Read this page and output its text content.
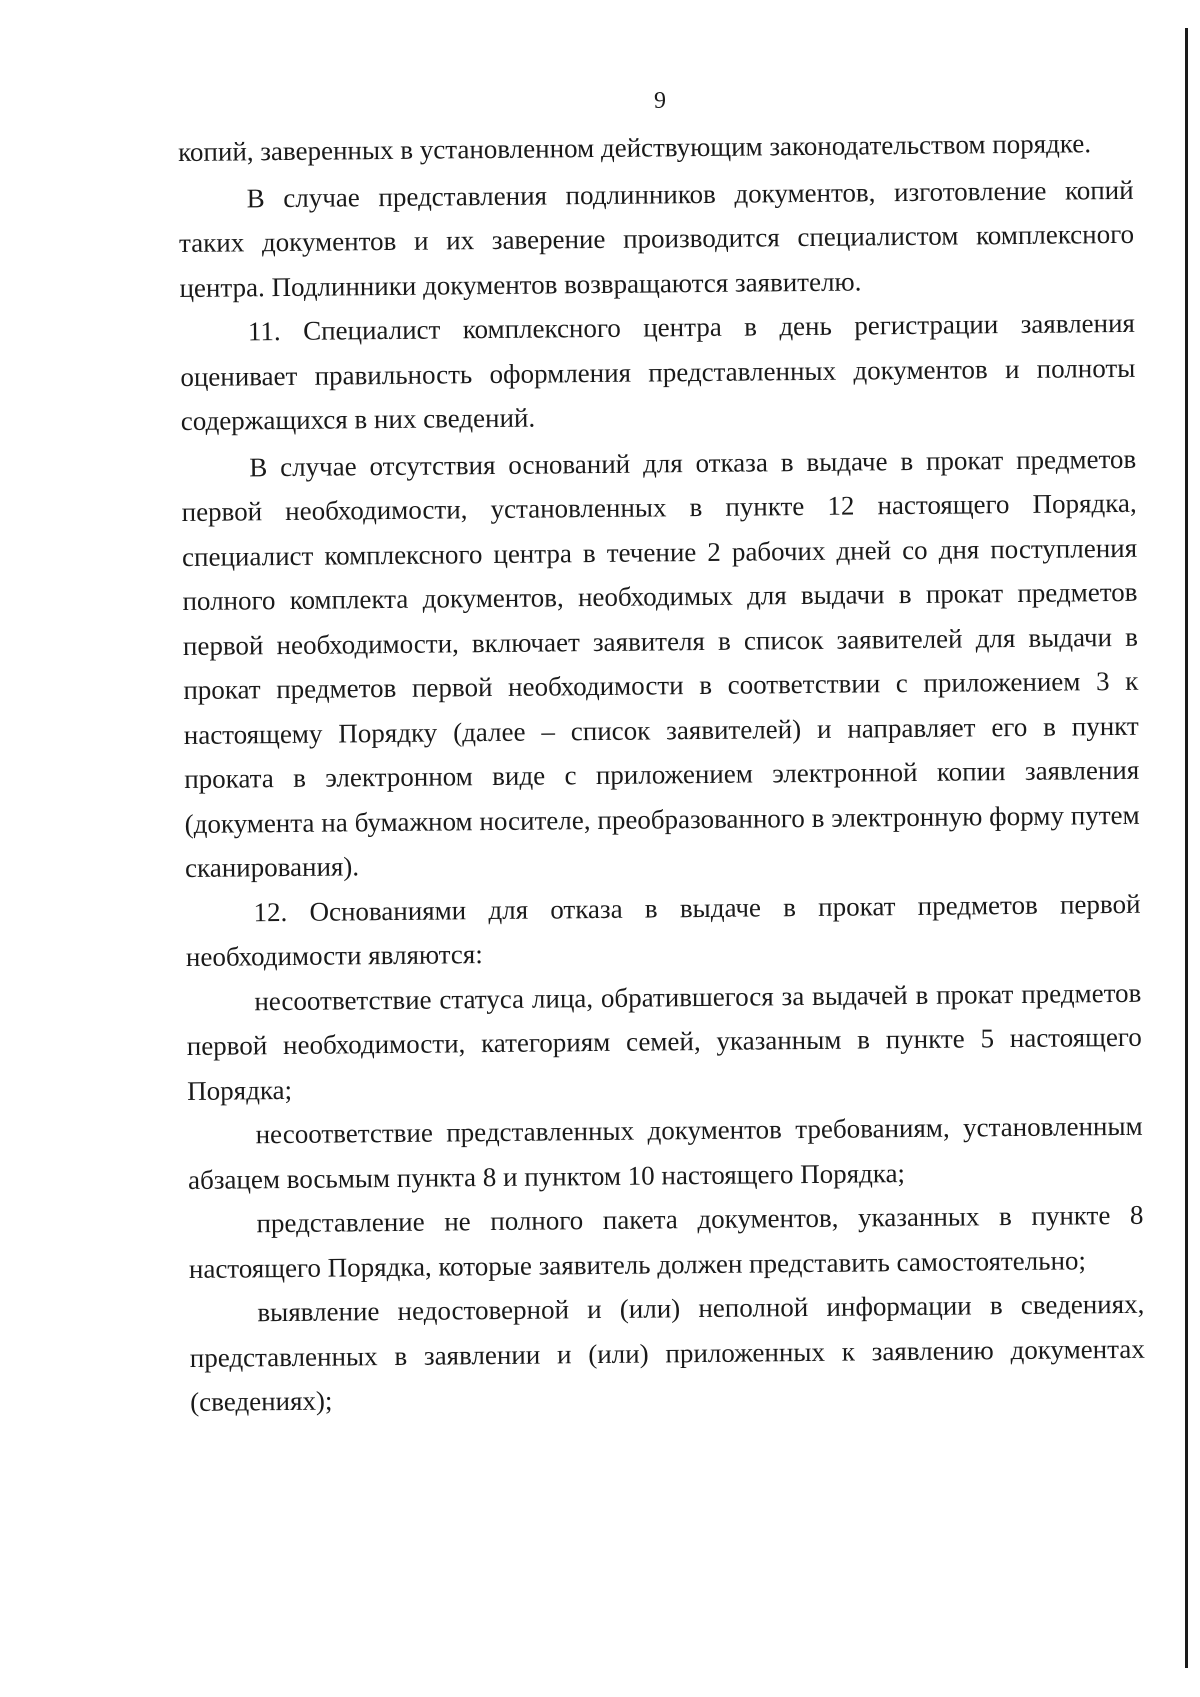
9

копий, заверенных в установленном действующим законодательством порядке.

В случае представления подлинников документов, изготовление копий таких документов и их заверение производится специалистом комплексного центра. Подлинники документов возвращаются заявителю.

11. Специалист комплексного центра в день регистрации заявления оценивает правильность оформления представленных документов и полноты содержащихся в них сведений.

В случае отсутствия оснований для отказа в выдаче в прокат предметов первой необходимости, установленных в пункте 12 настоящего Порядка, специалист комплексного центра в течение 2 рабочих дней со дня поступления полного комплекта документов, необходимых для выдачи в прокат предметов первой необходимости, включает заявителя в список заявителей для выдачи в прокат предметов первой необходимости в соответствии с приложением 3 к настоящему Порядку (далее – список заявителей) и направляет его в пункт проката в электронном виде с приложением электронной копии заявления (документа на бумажном носителе, преобразованного в электронную форму путем сканирования).

12. Основаниями для отказа в выдаче в прокат предметов первой необходимости являются:

несоответствие статуса лица, обратившегося за выдачей в прокат предметов первой необходимости, категориям семей, указанным в пункте 5 настоящего Порядка;

несоответствие представленных документов требованиям, установленным абзацем восьмым пункта 8 и пунктом 10 настоящего Порядка;

представление не полного пакета документов, указанных в пункте 8 настоящего Порядка, которые заявитель должен представить самостоятельно;

выявление недостоверной и (или) неполной информации в сведениях, представленных в заявлении и (или) приложенных к заявлению документах (сведениях);
